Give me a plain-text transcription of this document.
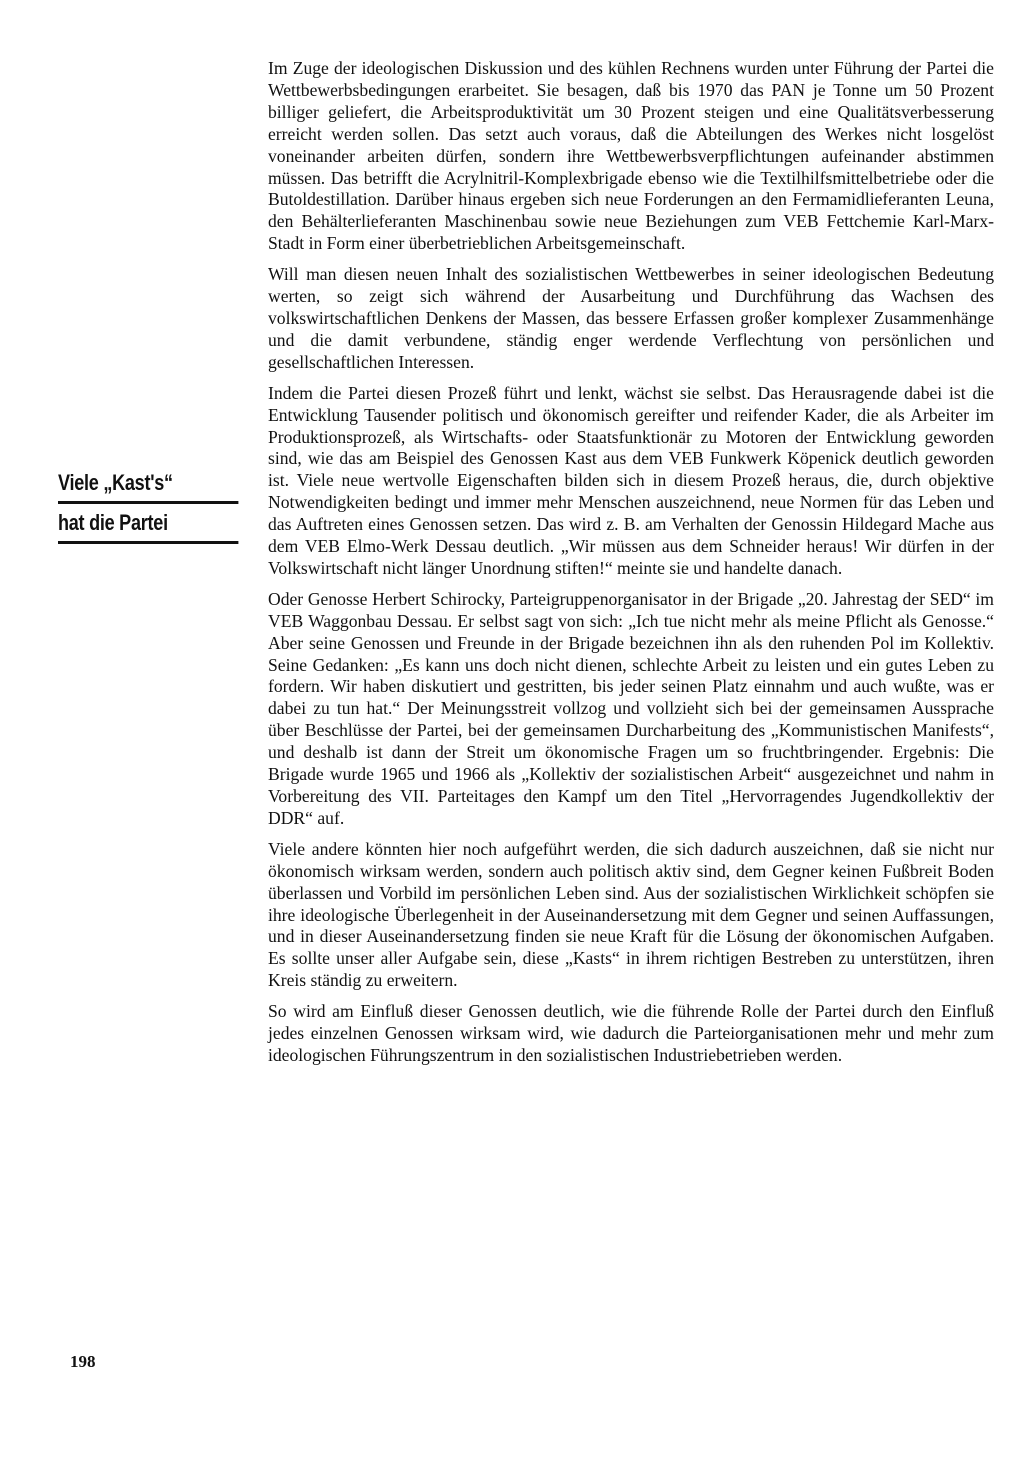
Viele „Kast's“
hat die Partei

Im Zuge der ideologischen Diskussion und des kühlen Rechnens wurden unter Führung der Partei die Wettbewerbsbedingungen erarbeitet. Sie besagen, daß bis 1970 das PAN je Tonne um 50 Prozent billiger geliefert, die Arbeitsproduktivität um 30 Prozent steigen und eine Qualitätsverbesserung erreicht werden sollen. Das setzt auch voraus, daß die Abteilungen des Werkes nicht losgelöst voneinander arbeiten dürfen, sondern ihre Wettbewerbsverpflichtungen aufeinander abstimmen müssen. Das betrifft die Acrylnitril-Komplexbrigade ebenso wie die Textilhilfsmittelbetriebe oder die Butoldestillation. Darüber hinaus ergeben sich neue Forderungen an den Fermamidlieferanten Leuna, den Behälterlieferanten Maschinenbau sowie neue Beziehungen zum VEB Fettchemie Karl-Marx-Stadt in Form einer überbetrieblichen Arbeitsgemeinschaft.

Will man diesen neuen Inhalt des sozialistischen Wettbewerbes in seiner ideologischen Bedeutung werten, so zeigt sich während der Ausarbeitung und Durchführung das Wachsen des volkswirtschaftlichen Denkens der Massen, das bessere Erfassen großer komplexer Zusammenhänge und die damit verbundene, ständig enger werdende Verflechtung von persönlichen und gesellschaftlichen Interessen.

Indem die Partei diesen Prozeß führt und lenkt, wächst sie selbst. Das Herausragende dabei ist die Entwicklung Tausender politisch und ökonomisch gereifter und reifender Kader, die als Arbeiter im Produktionsprozeß, als Wirtschafts- oder Staatsfunktionär zu Motoren der Entwicklung geworden sind, wie das am Beispiel des Genossen Kast aus dem VEB Funkwerk Köpenick deutlich geworden ist. Viele neue wertvolle Eigenschaften bilden sich in diesem Prozeß heraus, die, durch objektive Notwendigkeiten bedingt und immer mehr Menschen auszeichnend, neue Normen für das Leben und das Auftreten eines Genossen setzen. Das wird z. B. am Verhalten der Genossin Hildegard Mache aus dem VEB Elmo-Werk Dessau deutlich. „Wir müssen aus dem Schneider heraus! Wir dürfen in der Volkswirtschaft nicht länger Unordnung stiften!“ meinte sie und handelte danach.

Oder Genosse Herbert Schirocky, Parteigruppenorganisator in der Brigade „20. Jahrestag der SED“ im VEB Waggonbau Dessau. Er selbst sagt von sich: „Ich tue nicht mehr als meine Pflicht als Genosse.“ Aber seine Genossen und Freunde in der Brigade bezeichnen ihn als den ruhenden Pol im Kollektiv. Seine Gedanken: „Es kann uns doch nicht dienen, schlechte Arbeit zu leisten und ein gutes Leben zu fordern. Wir haben diskutiert und gestritten, bis jeder seinen Platz einnahm und auch wußte, was er dabei zu tun hat.“ Der Meinungsstreit vollzog und vollzieht sich bei der gemeinsamen Aussprache über Beschlüsse der Partei, bei der gemeinsamen Durcharbeitung des „Kommunistischen Manifests“, und deshalb ist dann der Streit um ökonomische Fragen um so fruchtbringender. Ergebnis: Die Brigade wurde 1965 und 1966 als „Kollektiv der sozialistischen Arbeit“ ausgezeichnet und nahm in Vorbereitung des VII. Parteitages den Kampf um den Titel „Hervorragendes Jugendkollektiv der DDR“ auf.

Viele andere könnten hier noch aufgeführt werden, die sich dadurch auszeichnen, daß sie nicht nur ökonomisch wirksam werden, sondern auch politisch aktiv sind, dem Gegner keinen Fußbreit Boden überlassen und Vorbild im persönlichen Leben sind. Aus der sozialistischen Wirklichkeit schöpfen sie ihre ideologische Überlegenheit in der Auseinandersetzung mit dem Gegner und seinen Auffassungen, und in dieser Auseinandersetzung finden sie neue Kraft für die Lösung der ökonomischen Aufgaben. Es sollte unser aller Aufgabe sein, diese „Kasts“ in ihrem richtigen Bestreben zu unterstützen, ihren Kreis ständig zu erweitern.

So wird am Einfluß dieser Genossen deutlich, wie die führende Rolle der Partei durch den Einfluß jedes einzelnen Genossen wirksam wird, wie dadurch die Parteiorganisationen mehr und mehr zum ideologischen Führungszentrum in den sozialistischen Industriebetrieben werden.

198
